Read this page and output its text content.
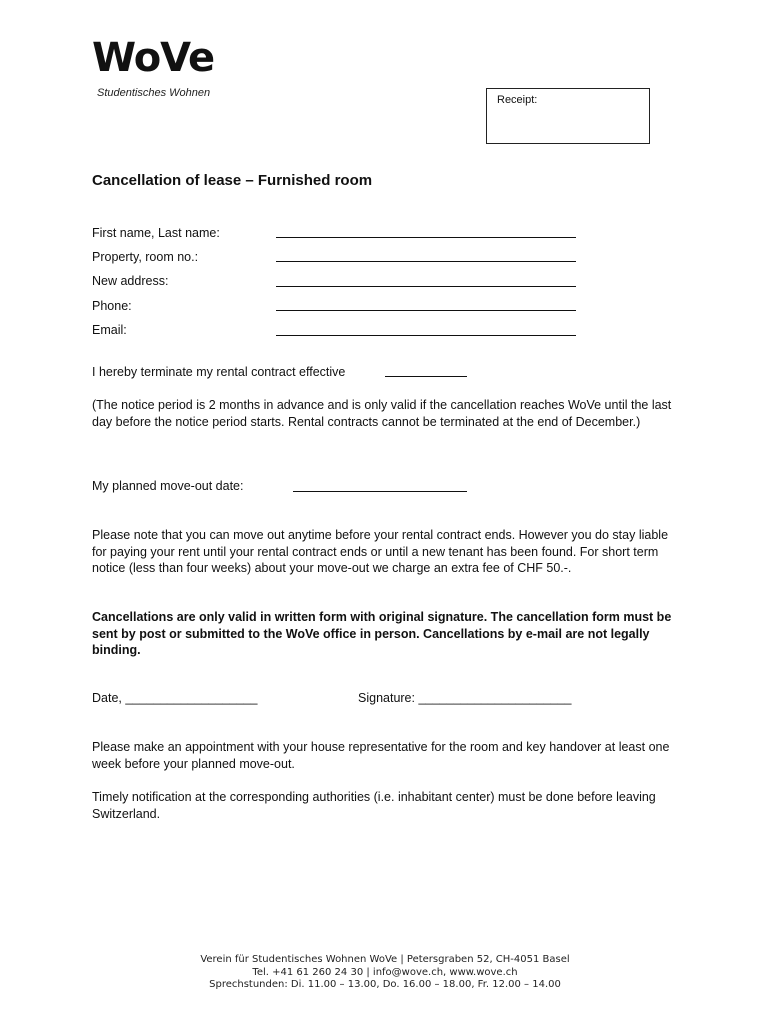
WoVe
Studentisches Wohnen
Receipt:
Cancellation of lease – Furnished room
First name, Last name:
Property, room no.:
New address:
Phone:
Email:
I hereby terminate my rental contract effective
(The notice period is 2 months in advance and is only valid if the cancellation reaches WoVe until the last day before the notice period starts. Rental contracts cannot be terminated at the end of December.)
My planned move-out date:
Please note that you can move out anytime before your rental contract ends. However you do stay liable for paying your rent until your rental contract ends or until a new tenant has been found. For short term notice (less than four weeks) about your move-out we charge an extra fee of CHF 50.-.
Cancellations are only valid in written form with original signature. The cancellation form must be sent by post or submitted to the WoVe office in person. Cancellations by e-mail are not legally binding.
Date, ___________________	Signature: ______________________
Please make an appointment with your house representative for the room and key handover at least one week before your planned move-out.
Timely notification at the corresponding authorities (i.e. inhabitant center) must be done before leaving Switzerland.
Verein für Studentisches Wohnen WoVe | Petersgraben 52, CH-4051 Basel
Tel. +41 61 260 24 30 | info@wove.ch, www.wove.ch
Sprechstunden: Di. 11.00 – 13.00, Do. 16.00 – 18.00, Fr. 12.00 – 14.00
